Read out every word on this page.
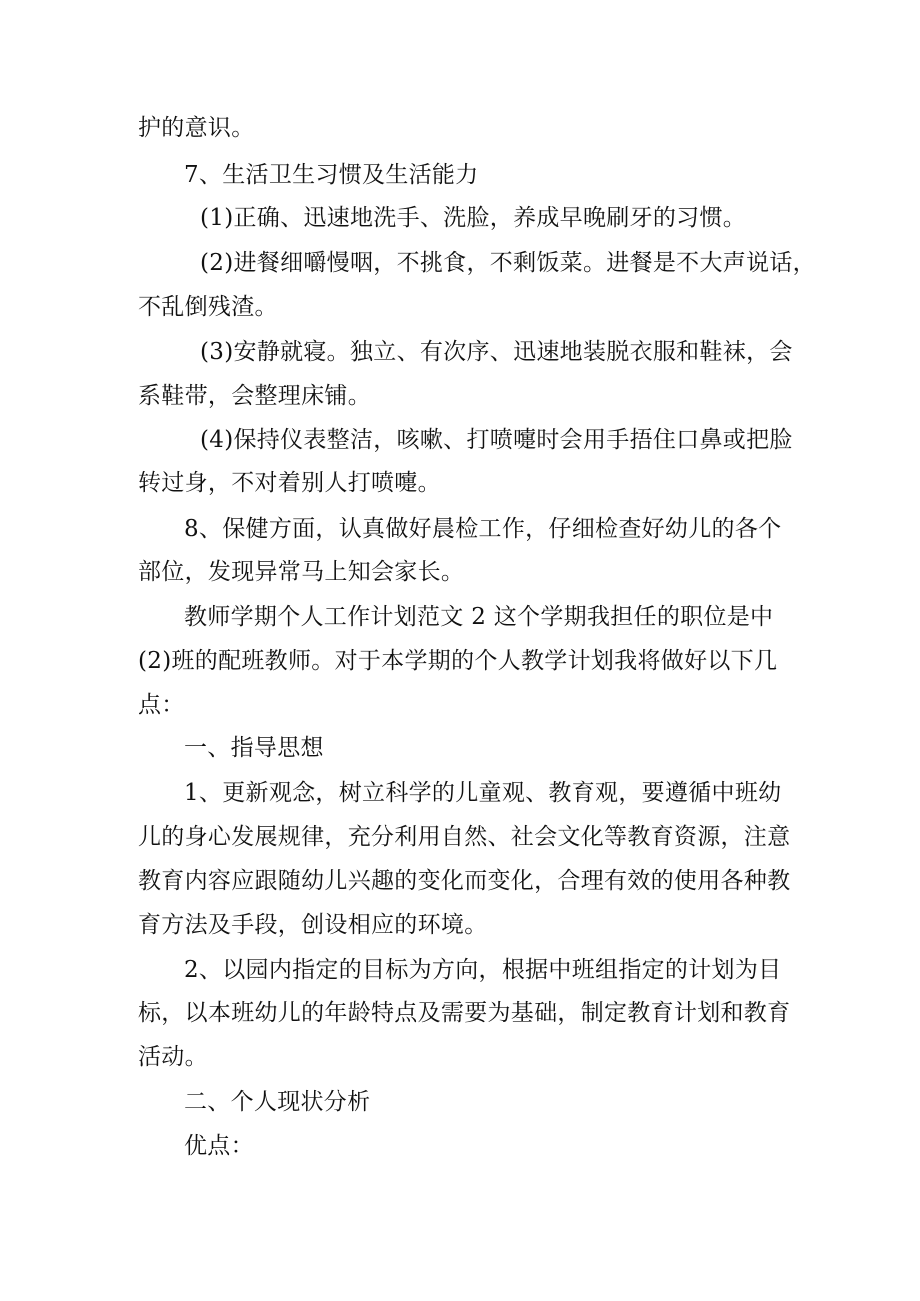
护的意识。
7、生活卫生习惯及生活能力
(1)正确、迅速地洗手、洗脸，养成早晚刷牙的习惯。
(2)进餐细嚼慢咽，不挑食，不剩饭菜。进餐是不大声说话，
不乱倒残渣。
(3)安静就寝。独立、有次序、迅速地装脱衣服和鞋袜，会
系鞋带，会整理床铺。
(4)保持仪表整洁，咳嗽、打喷嚏时会用手捂住口鼻或把脸
转过身，不对着别人打喷嚏。
8、保健方面，认真做好晨检工作，仔细检查好幼儿的各个
部位，发现异常马上知会家长。
教师学期个人工作计划范文 2 这个学期我担任的职位是中
(2)班的配班教师。对于本学期的个人教学计划我将做好以下几
点：
一、指导思想
1、更新观念，树立科学的儿童观、教育观，要遵循中班幼
儿的身心发展规律，充分利用自然、社会文化等教育资源，注意
教育内容应跟随幼儿兴趣的变化而变化，合理有效的使用各种教
育方法及手段，创设相应的环境。
2、以园内指定的目标为方向，根据中班组指定的计划为目
标，以本班幼儿的年龄特点及需要为基础，制定教育计划和教育
活动。
二、个人现状分析
优点：
